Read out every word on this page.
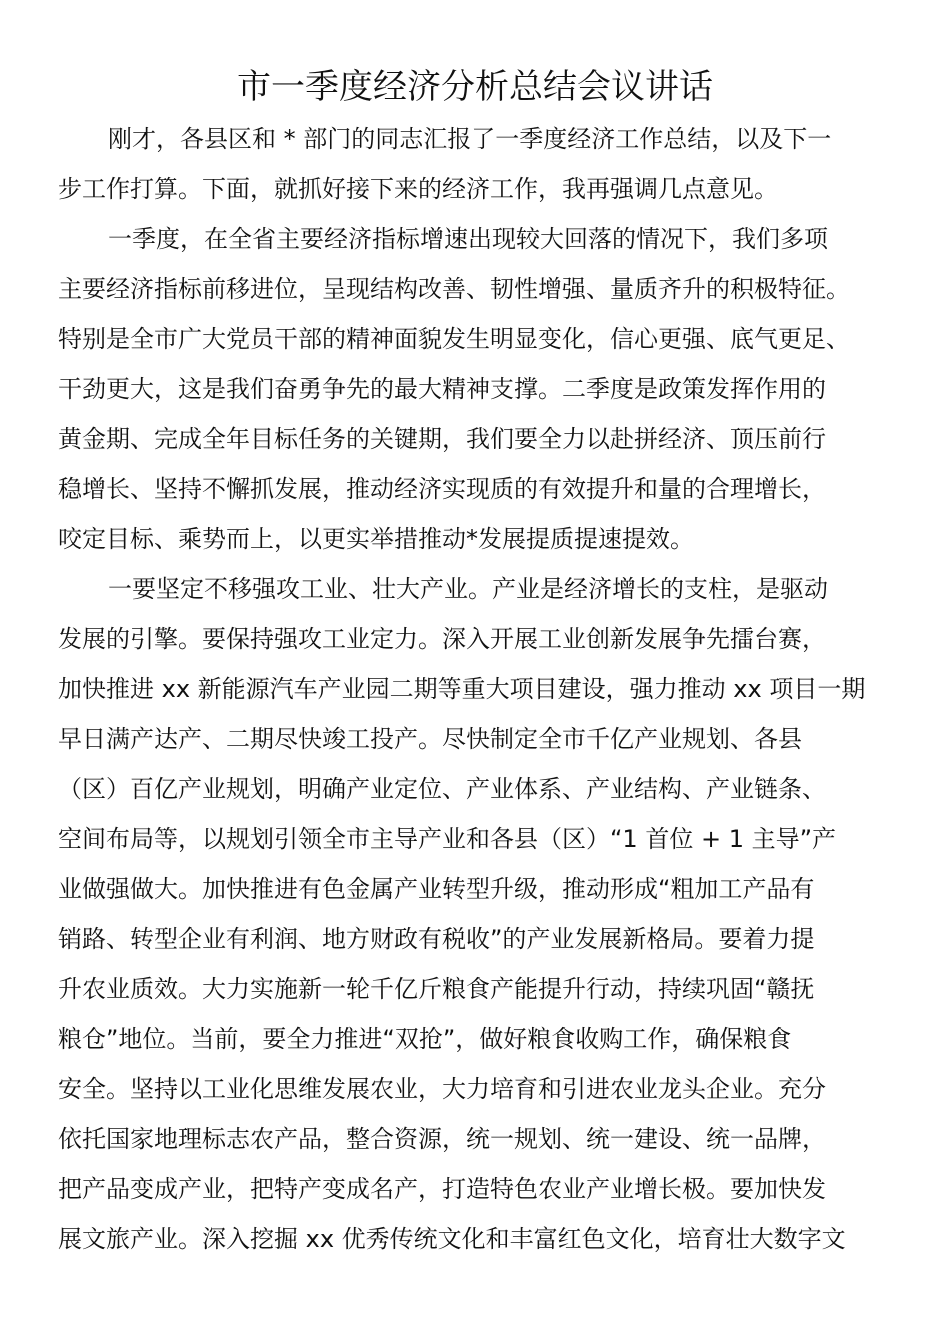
市一季度经济分析总结会议讲话
刚才，各县区和 * 部门的同志汇报了一季度经济工作总结，以及下一
步工作打算。下面，就抓好接下来的经济工作，我再强调几点意见。
一季度，在全省主要经济指标增速出现较大回落的情况下，我们多项
主要经济指标前移进位，呈现结构改善、韧性增强、量质齐升的积极特征。
特别是全市广大党员干部的精神面貌发生明显变化，信心更强、底气更足、
干劲更大，这是我们奋勇争先的最大精神支撑。二季度是政策发挥作用的
黄金期、完成全年目标任务的关键期，我们要全力以赴拼经济、顶压前行
稳增长、坚持不懈抓发展，推动经济实现质的有效提升和量的合理增长，
咬定目标、乘势而上，以更实举措推动*发展提质提速提效。
一要坚定不移强攻工业、壮大产业。产业是经济增长的支柱，是驱动
发展的引擎。要保持强攻工业定力。深入开展工业创新发展争先擂台赛，
加快推进 xx 新能源汽车产业园二期等重大项目建设，强力推动 xx 项目一期
早日满产达产、二期尽快竣工投产。尽快制定全市千亿产业规划、各县
（区）百亿产业规划，明确产业定位、产业体系、产业结构、产业链条、
空间布局等，以规划引领全市主导产业和各县（区）“1 首位 + 1 主导”产
业做强做大。加快推进有色金属产业转型升级，推动形成“粗加工产品有
销路、转型企业有利润、地方财政有税收”的产业发展新格局。要着力提
升农业质效。大力实施新一轮千亿斤粮食产能提升行动，持续巩固“赣抚
粮仓”地位。当前，要全力推进“双抢”，做好粮食收购工作，确保粮食
安全。坚持以工业化思维发展农业，大力培育和引进农业龙头企业。充分
依托国家地理标志农产品，整合资源，统一规划、统一建设、统一品牌，
把产品变成产业，把特产变成名产，打造特色农业产业增长极。要加快发
展文旅产业。深入挖掘 xx 优秀传统文化和丰富红色文化，培育壮大数字文
